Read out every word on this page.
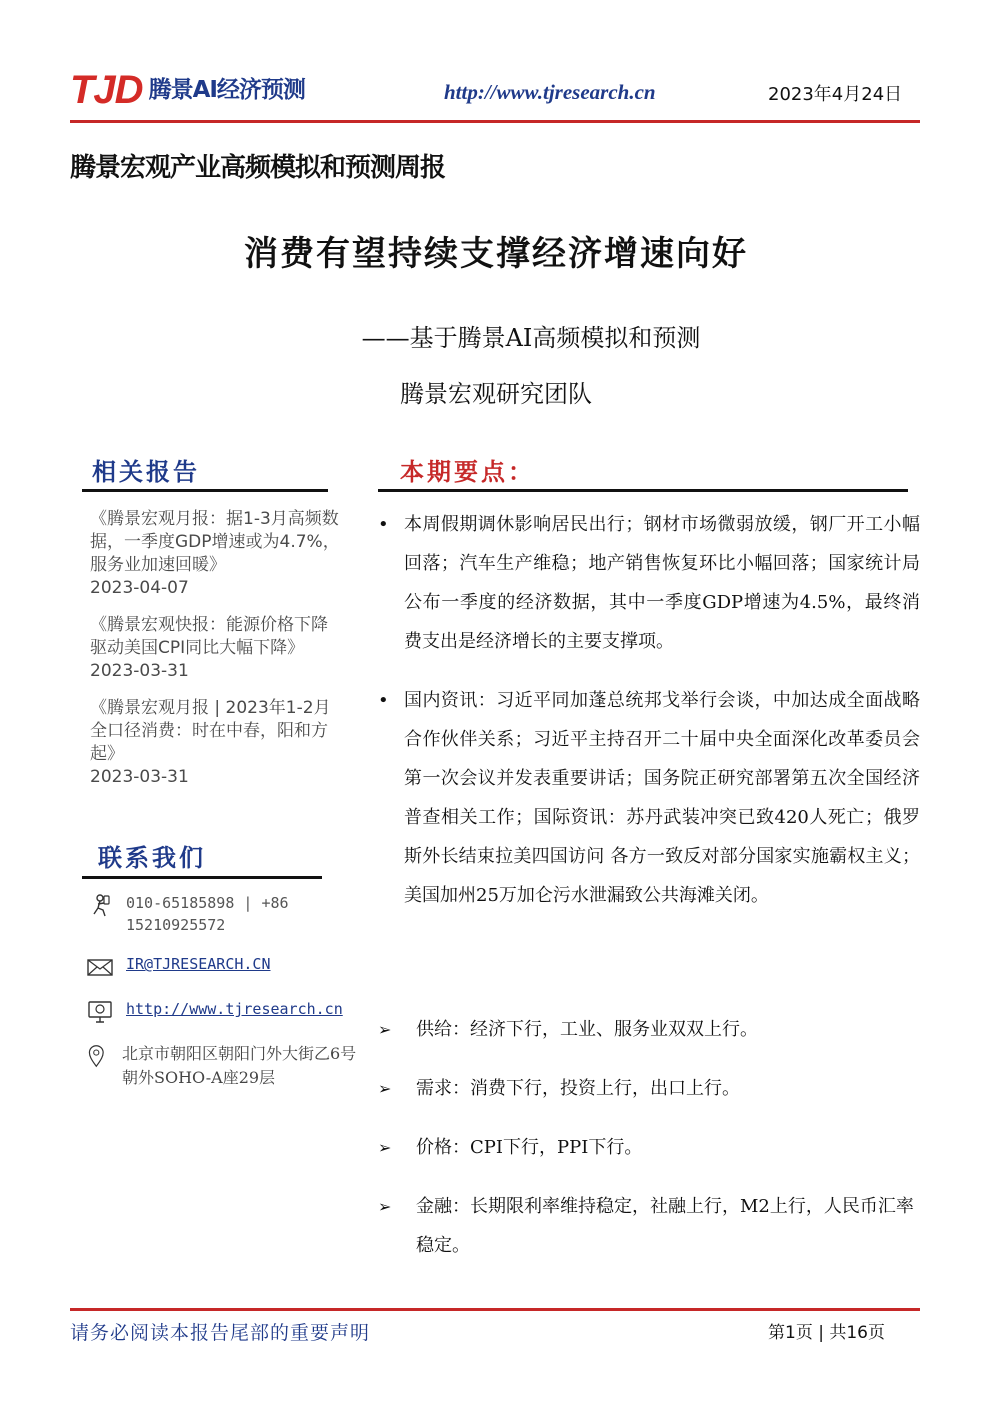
TJD 腾景AI经济预测	http://www.tjresearch.cn	2023年4月24日
腾景宏观产业高频模拟和预测周报
消费有望持续支撑经济增速向好
——基于腾景AI高频模拟和预测
腾景宏观研究团队
相关报告
《腾景宏观月报：据1-3月高频数据，一季度GDP增速或为4.7%，服务业加速回暖》
2023-04-07
《腾景宏观快报：能源价格下降驱动美国CPI同比大幅下降》
2023-03-31
《腾景宏观月报 | 2023年1-2月全口径消费：时在中春，阳和方起》
2023-03-31
联系我们
010-65185898 | +86 15210925572
IR@TJRESEARCH.CN
http://www.tjresearch.cn
北京市朝阳区朝阳门外大街乙6号朝外SOHO-A座29层
本期要点：
• 本周假期调休影响居民出行；钢材市场微弱放缓，钢厂开工小幅回落；汽车生产维稳；地产销售恢复环比小幅回落；国家统计局公布一季度的经济数据，其中一季度GDP增速为4.5%，最终消费支出是经济增长的主要支撑项。
• 国内资讯：习近平同加蓬总统邦戈举行会谈，中加达成全面战略合作伙伴关系；习近平主持召开二十届中央全面深化改革委员会第一次会议并发表重要讲话；国务院正研究部署第五次全国经济普查相关工作；国际资讯：苏丹武装冲突已致420人死亡；俄罗斯外长结束拉美四国访问 各方一致反对部分国家实施霸权主义；美国加州25万加仑污水泄漏致公共海滩关闭。
➢	供给：经济下行，工业、服务业双双上行。
➢	需求：消费下行，投资上行，出口上行。
➢	价格：CPI下行，PPI下行。
➢	金融：长期限利率维持稳定，社融上行，M2上行，人民币汇率稳定。
请务必阅读本报告尾部的重要声明	第1页 | 共16页
